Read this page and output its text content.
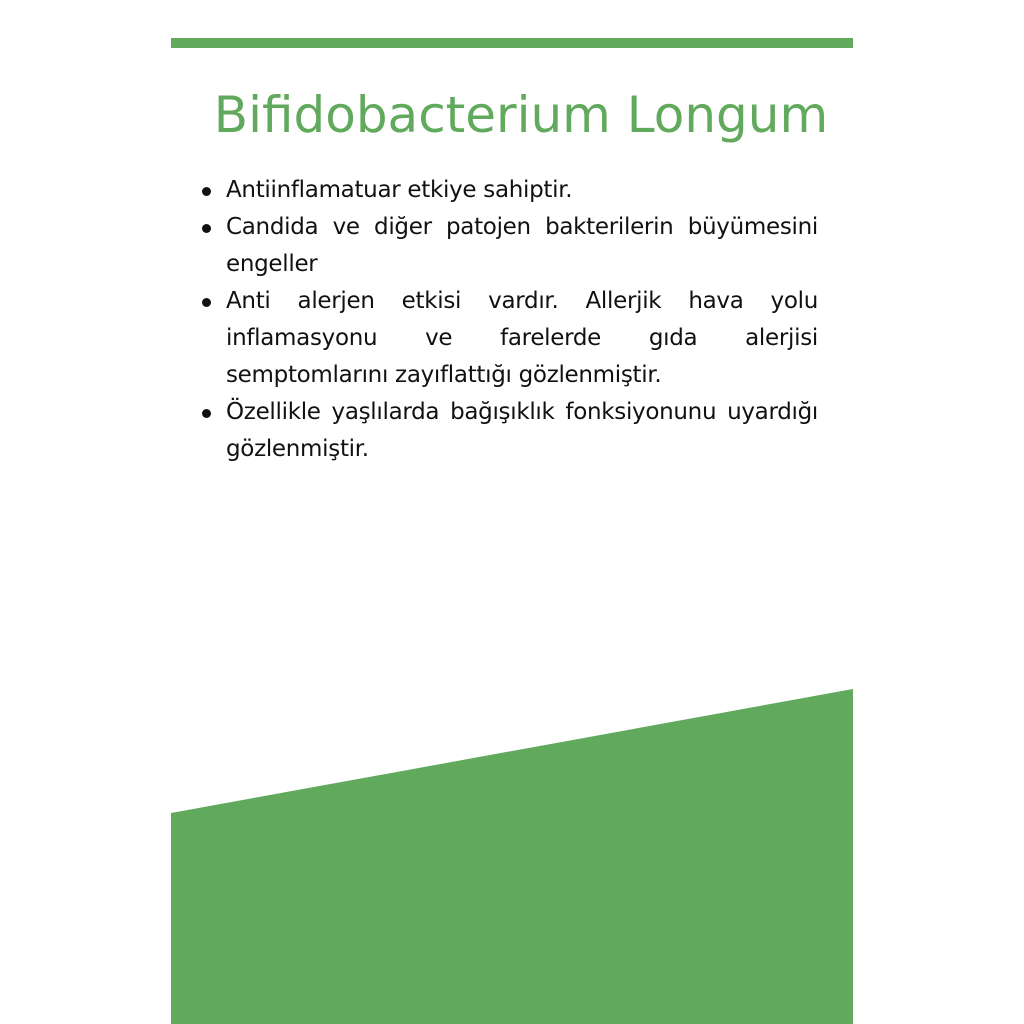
Bifidobacterium Longum
Antiinflamatuar etkiye sahiptir.
Candida ve diğer patojen bakterilerin büyümesini engeller
Anti alerjen etkisi vardır. Allerjik hava yolu inflamasyonu ve farelerde gıda alerjisi semptomlarını zayıflattığı gözlenmiştir.
Özellikle yaşlılarda bağışıklık fonksiyonunu uyardığı gözlenmiştir.
